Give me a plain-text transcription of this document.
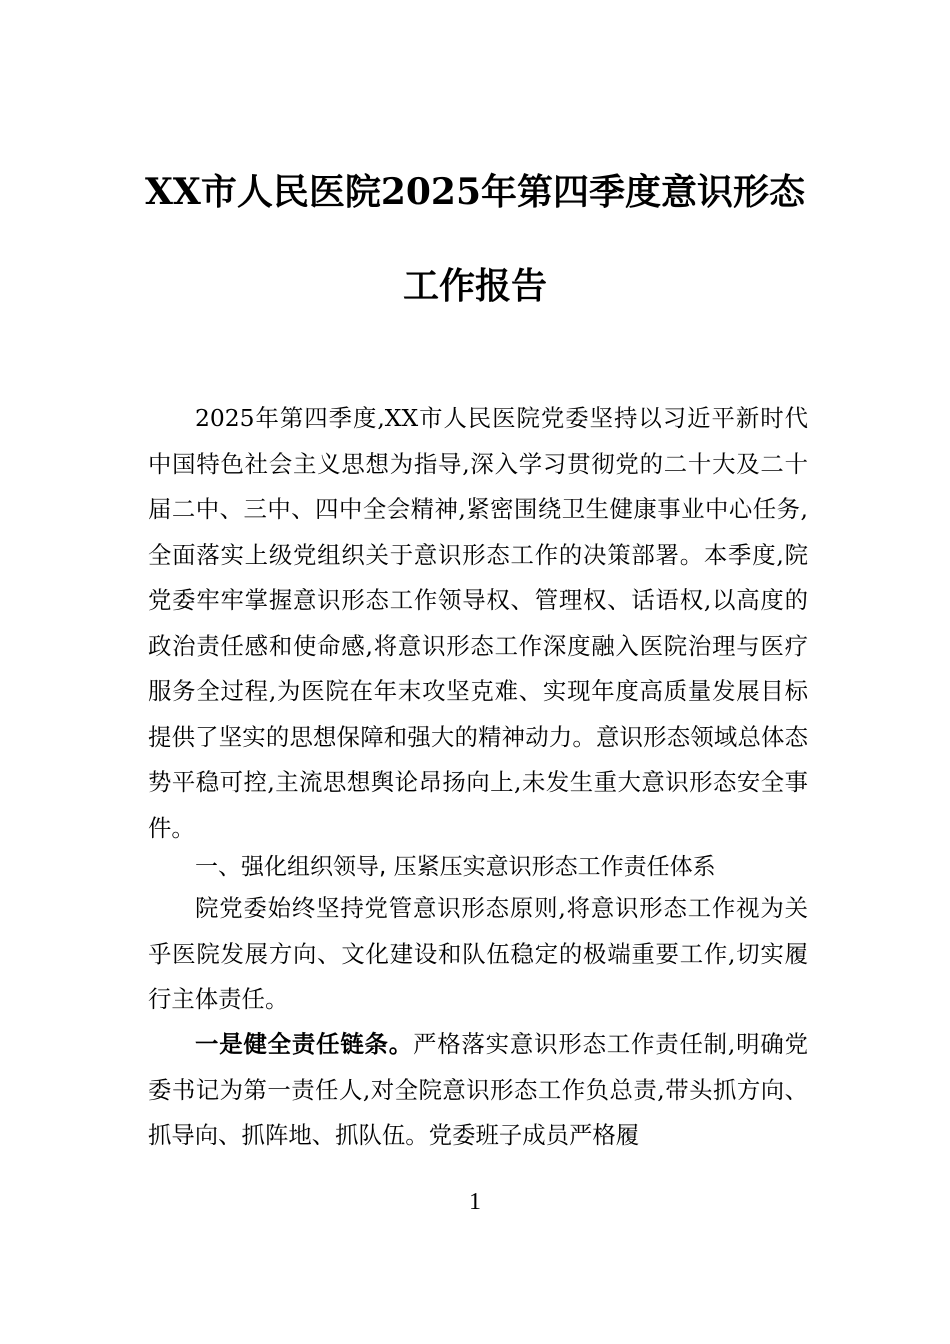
XX市人民医院2025年第四季度意识形态
工作报告

2025年第四季度,XX市人民医院党委坚持以习近平新时代中国特色社会主义思想为指导,深入学习贯彻党的二十大及二十届二中、三中、四中全会精神,紧密围绕卫生健康事业中心任务,全面落实上级党组织关于意识形态工作的决策部署。本季度,院党委牢牢掌握意识形态工作领导权、管理权、话语权,以高度的政治责任感和使命感,将意识形态工作深度融入医院治理与医疗服务全过程,为医院在年末攻坚克难、实现年度高质量发展目标提供了坚实的思想保障和强大的精神动力。意识形态领域总体态势平稳可控,主流思想舆论昂扬向上,未发生重大意识形态安全事件。

一、强化组织领导, 压紧压实意识形态工作责任体系

院党委始终坚持党管意识形态原则,将意识形态工作视为关乎医院发展方向、文化建设和队伍稳定的极端重要工作,切实履行主体责任。

一是健全责任链条。严格落实意识形态工作责任制,明确党委书记为第一责任人,对全院意识形态工作负总责,带头抓方向、抓导向、抓阵地、抓队伍。党委班子成员严格履

1
